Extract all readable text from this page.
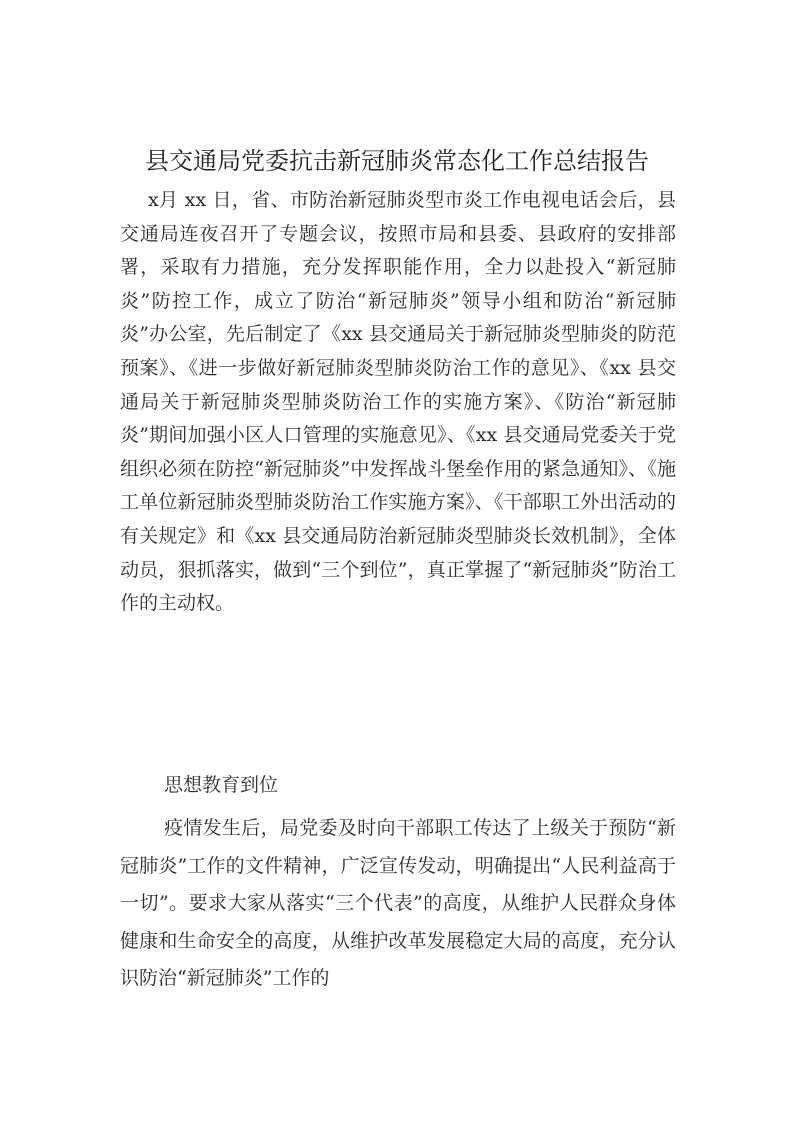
县交通局党委抗击新冠肺炎常态化工作总结报告

x月 xx 日，省、市防治新冠肺炎型市炎工作电视电话会后，县交通局连夜召开了专题会议，按照市局和县委、县政府的安排部署，采取有力措施，充分发挥职能作用，全力以赴投入“新冠肺炎”防控工作，成立了防治“新冠肺炎”领导小组和防治“新冠肺炎”办公室，先后制定了《xx 县交通局关于新冠肺炎型肺炎的防范预案》、《进一步做好新冠肺炎型肺炎防治工作的意见》、《xx 县交通局关于新冠肺炎型肺炎防治工作的实施方案》、《防治“新冠肺炎”期间加强小区人口管理的实施意见》、《xx 县交通局党委关于党组织必须在防控“新冠肺炎”中发挥战斗堡垒作用的紧急通知》、《施工单位新冠肺炎型肺炎防治工作实施方案》、《干部职工外出活动的有关规定》和《xx 县交通局防治新冠肺炎型肺炎长效机制》，全体动员，狠抓落实，做到“三个到位”，真正掌握了“新冠肺炎”防治工作的主动权。

思想教育到位

疫情发生后，局党委及时向干部职工传达了上级关于预防“新冠肺炎”工作的文件精神，广泛宣传发动，明确提出“人民利益高于一切”。要求大家从落实“三个代表”的高度，从维护人民群众身体健康和生命安全的高度，从维护改革发展稳定大局的高度，充分认识防治“新冠肺炎”工作的
